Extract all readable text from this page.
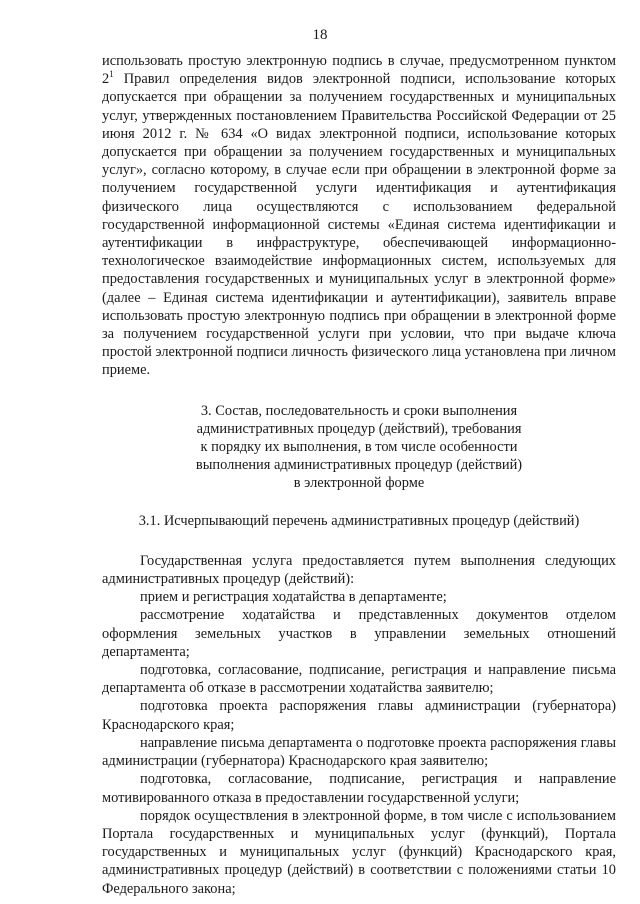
18

использовать простую электронную подпись в случае, предусмотренном пунктом $2^1$ Правил определения видов электронной подписи, использование которых допускается при обращении за получением государственных и муниципальных услуг, утвержденных постановлением Правительства Российской Федерации от 25 июня 2012 г. № 634 «О видах электронной подписи, использование которых допускается при обращении за получением государственных и муниципальных услуг», согласно которому, в случае если при обращении в электронной форме за получением государственной услуги идентификация и аутентификация физического лица осуществляются с использованием федеральной государственной информационной системы «Единая система идентификации и аутентификации в инфраструктуре, обеспечивающей информационно-технологическое взаимодействие информационных систем, используемых для предоставления государственных и муниципальных услуг в электронной форме» (далее – Единая система идентификации и аутентификации), заявитель вправе использовать простую электронную подпись при обращении в электронной форме за получением государственной услуги при условии, что при выдаче ключа простой электронной подписи личность физического лица установлена при личном приеме.

3. Состав, последовательность и сроки выполнения
административных процедур (действий), требования
к порядку их выполнения, в том числе особенности
выполнения административных процедур (действий)
в электронной форме
3.1. Исчерпывающий перечень административных процедур (действий)

Государственная услуга предоставляется путем выполнения следующих административных процедур (действий):

прием и регистрация ходатайства в департаменте;

рассмотрение ходатайства и представленных документов отделом оформления земельных участков в управлении земельных отношений департамента;

подготовка, согласование, подписание, регистрация и направление письма департамента об отказе в рассмотрении ходатайства заявителю;

подготовка проекта распоряжения главы администрации (губернатора) Краснодарского края;

направление письма департамента о подготовке проекта распоряжения главы администрации (губернатора) Краснодарского края заявителю;

подготовка, согласование, подписание, регистрация и направление мотивированного отказа в предоставлении государственной услуги;

порядок осуществления в электронной форме, в том числе с использованием Портала государственных и муниципальных услуг (функций), Портала государственных и муниципальных услуг (функций) Краснодарского края, административных процедур (действий) в соответствии с положениями статьи 10 Федерального закона;
